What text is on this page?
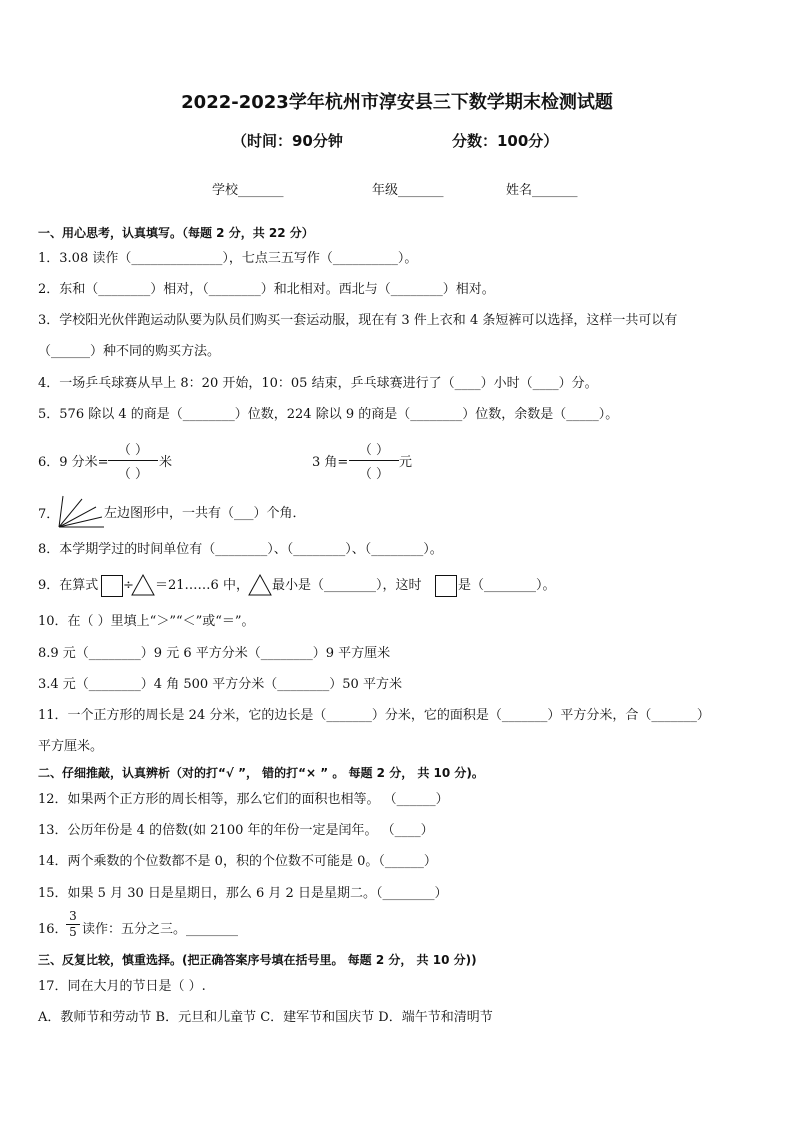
2022-2023学年杭州市淳安县三下数学期末检测试题
（时间：90分钟	分数：100分）
学校_______	年级_______	姓名_______
一、用心思考，认真填写。（每题 2 分，共 22 分）
1．3.08 读作（______________），七点三五写作（__________）。
2．东和（________）相对，（________）和北相对。西北与（________）相对。
3．学校阳光伙伴跑运动队要为队员们购买一套运动服，现在有 3 件上衣和 4 条短裤可以选择，这样一共可以有
（______）种不同的购买方法。
4．一场乒乓球赛从早上 8：20 开始，10：05 结束，乒乓球赛进行了（____）小时（____）分。
5．576 除以 4 的商是（________）位数，224 除以 9 的商是（________）位数，余数是（_____）。
6．9 分米=
（ ）
（ ）
米	3 角=
（ ）
（ ）
元
7．	左边图形中，一共有（___）个角．
8．本学期学过的时间单位有（________）、（________）、（________）。
9．在算式 ÷ ＝21……6 中， 最小是（________），这时	是（________）。
10．在（ ）里填上“＞”“＜”或“＝”。
8.9 元（________）9 元 6 平方分米（________）9 平方厘米
3.4 元（________）4 角 500 平方分米（________）50 平方米
11．一个正方形的周长是 24 分米，它的边长是（_______）分米，它的面积是（_______）平方分米，合（_______）
平方厘米。
二、仔细推敲，认真辨析（对的打“√ ”， 错的打“× ” 。 每题 2 分， 共 10 分)。
12．如果两个正方形的周长相等，那么它们的面积也相等。 （______）
13．公历年份是 4 的倍数(如 2100 年的年份一定是闰年。 （____）
14．两个乘数的个位数都不是 0，积的个位数不可能是 0。（______）
15．如果 5 月 30 日是星期日，那么 6 月 2 日是星期二。（________）
16．
3
5 读作：五分之三。________
三、反复比较，慎重选择。(把正确答案序号填在括号里。 每题 2 分， 共 10 分))
17．同在大月的节日是（ ）.
A．教师节和劳动节 B．元旦和儿童节 C．建军节和国庆节 D．端午节和清明节
